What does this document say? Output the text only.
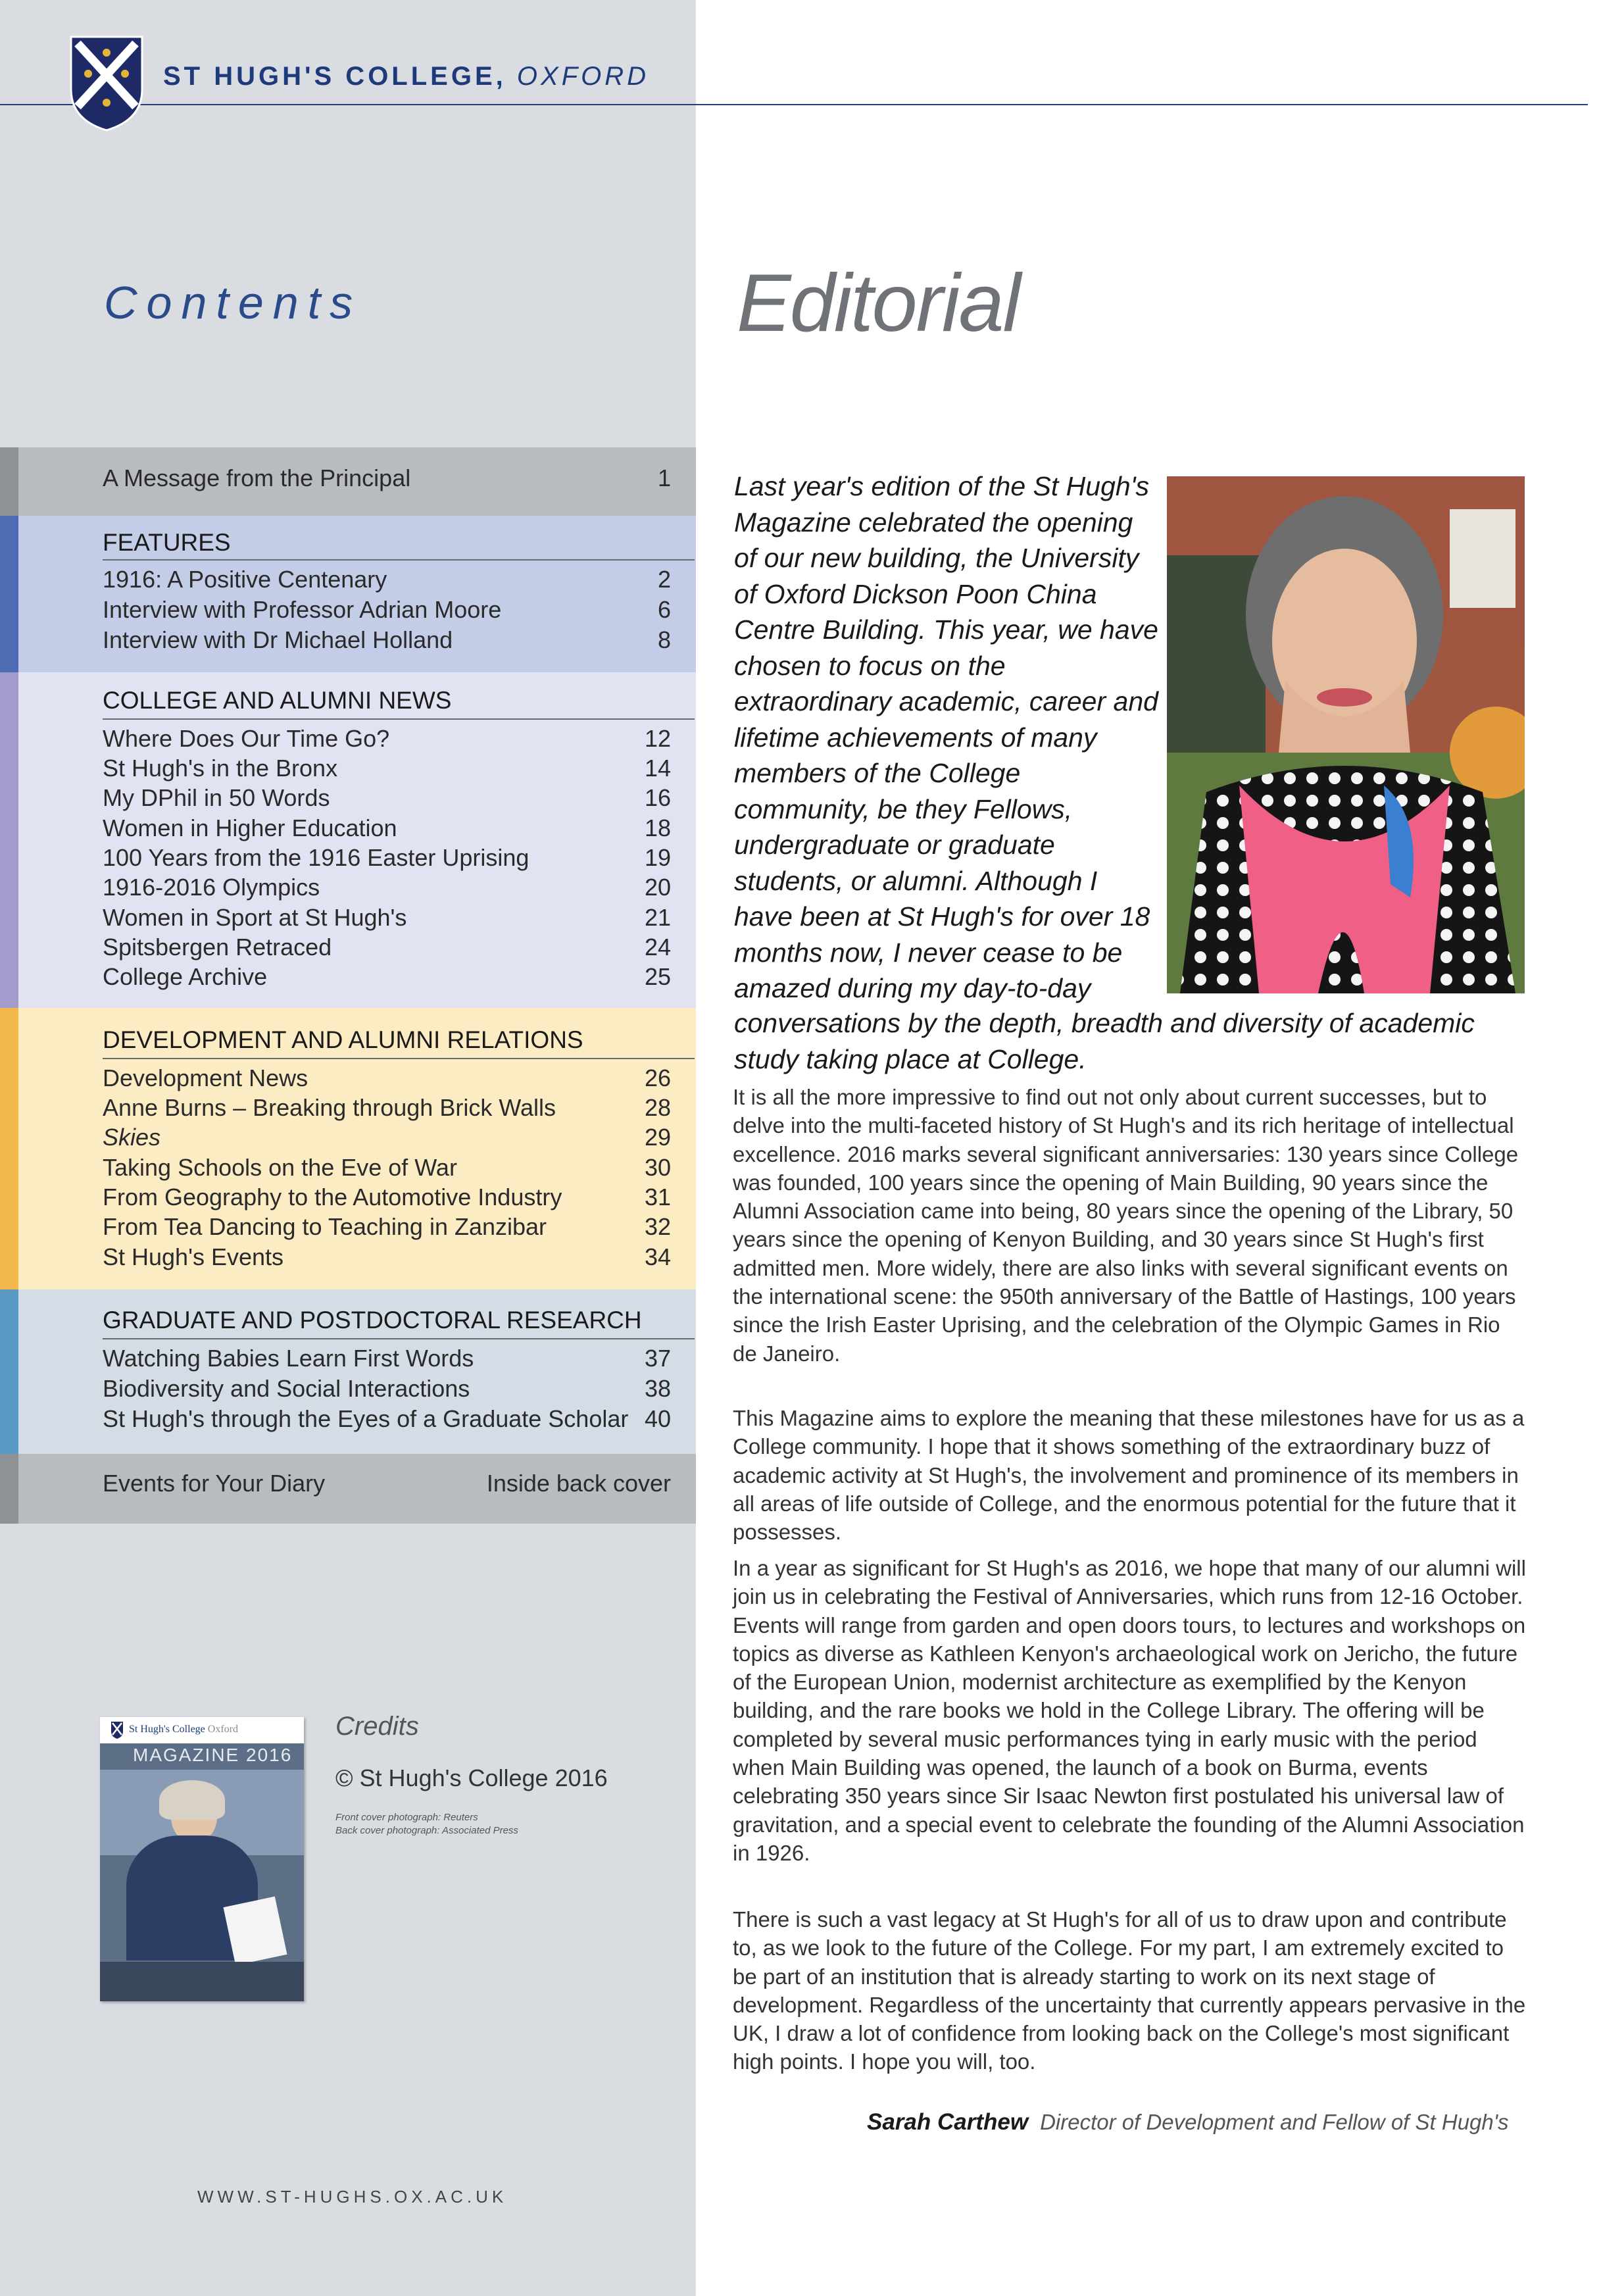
ST HUGH'S COLLEGE, OXFORD
Contents	Editorial
A Message from the Principal	1
FEATURES
1916: A Positive Centenary	2
Interview with Professor Adrian Moore	6
Interview with Dr Michael Holland	8
COLLEGE AND ALUMNI NEWS
Where Does Our Time Go?	12
St Hugh's in the Bronx	14
My DPhil in 50 Words	16
Women in Higher Education	18
100 Years from the 1916 Easter Uprising	19
1916-2016 Olympics	20
Women in Sport at St Hugh's	21
Spitsbergen Retraced	24
College Archive	25
DEVELOPMENT AND ALUMNI RELATIONS
Development News	26
Anne Burns – Breaking through Brick Walls	28
Skies	29
Taking Schools on the Eve of War	30
From Geography to the Automotive Industry	31
From Tea Dancing to Teaching in Zanzibar	32
St Hugh's Events	34
GRADUATE AND POSTDOCTORAL RESEARCH
Watching Babies Learn First Words	37
Biodiversity and Social Interactions	38
St Hugh's through the Eyes of a Graduate Scholar 40
Events for Your Diary	Inside back cover
St Hugh's College Oxford
MAGAZINE 2016
Credits
© St Hugh's College 2016
Front cover photograph: Reuters
Back cover photograph: Associated Press
WWW.ST-HUGHS.OX.AC.UK
Last year's edition of the St Hugh's Magazine celebrated the opening of our new building, the University of Oxford Dickson Poon China Centre Building. This year, we have chosen to focus on the extraordinary academic, career and lifetime achievements of many members of the College community, be they Fellows, undergraduate or graduate students, or alumni. Although I have been at St Hugh's for over 18 months now, I never cease to be amazed during my day-to-day
conversations by the depth, breadth and diversity of academic study taking place at College.
It is all the more impressive to find out not only about current successes, but to delve into the multi-faceted history of St Hugh's and its rich heritage of intellectual excellence. 2016 marks several significant anniversaries: 130 years since College was founded, 100 years since the opening of Main Building, 90 years since the Alumni Association came into being, 80 years since the opening of the Library, 50 years since the opening of Kenyon Building, and 30 years since St Hugh's first admitted men. More widely, there are also links with several significant events on the international scene: the 950th anniversary of the Battle of Hastings, 100 years since the Irish Easter Uprising, and the celebration of the Olympic Games in Rio de Janeiro.
This Magazine aims to explore the meaning that these milestones have for us as a College community. I hope that it shows something of the extraordinary buzz of academic activity at St Hugh's, the involvement and prominence of its members in all areas of life outside of College, and the enormous potential for the future that it possesses.
In a year as significant for St Hugh's as 2016, we hope that many of our alumni will join us in celebrating the Festival of Anniversaries, which runs from 12-16 October. Events will range from garden and open doors tours, to lectures and workshops on topics as diverse as Kathleen Kenyon's archaeological work on Jericho, the future of the European Union, modernist architecture as exemplified by the Kenyon building, and the rare books we hold in the College Library. The offering will be completed by several music performances tying in early music with the period when Main Building was opened, the launch of a book on Burma, events celebrating 350 years since Sir Isaac Newton first postulated his universal law of gravitation, and a special event to celebrate the founding of the Alumni Association in 1926.
There is such a vast legacy at St Hugh's for all of us to draw upon and contribute to, as we look to the future of the College. For my part, I am extremely excited to be part of an institution that is already starting to work on its next stage of development. Regardless of the uncertainty that currently appears pervasive in the UK, I draw a lot of confidence from looking back on the College's most significant high points. I hope you will, too.
Sarah Carthew Director of Development and Fellow of St Hugh's
